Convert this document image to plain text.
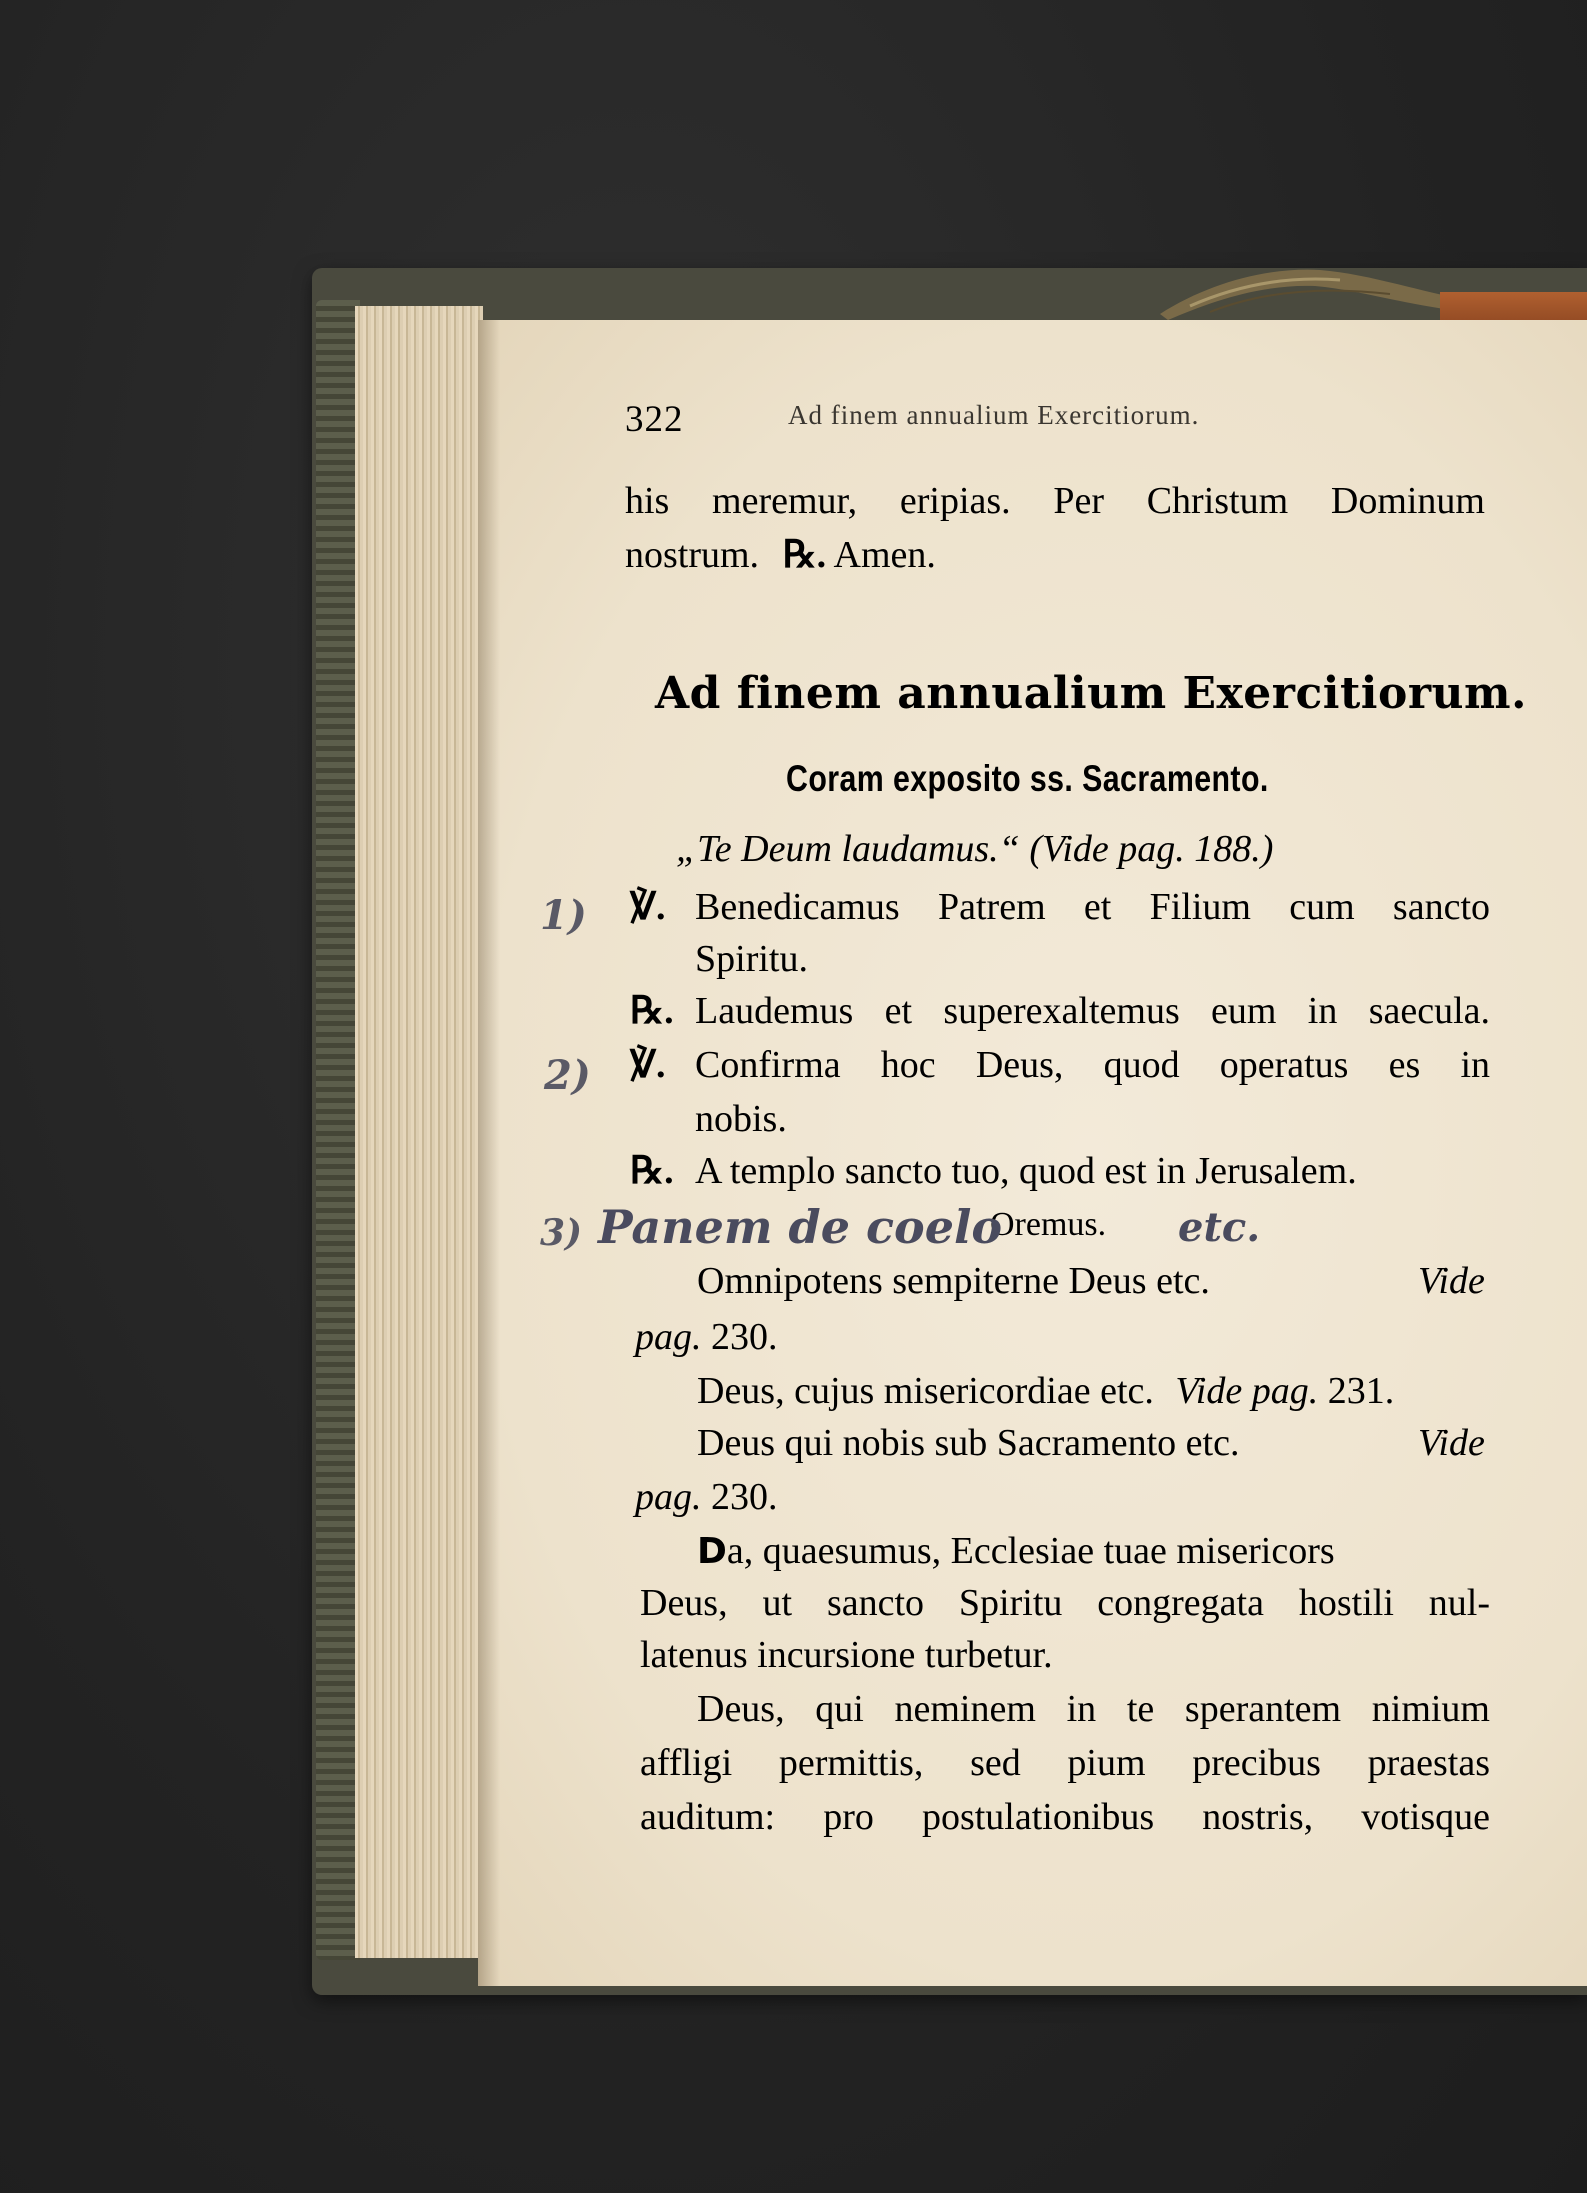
322	Ad finem annualium Exercitiorum.
his meremur, eripias. Per Christum Dominum
nostrum. ℞. Amen.
Ad finem annualium Exercitiorum.
Coram exposito ss. Sacramento.
„Te Deum laudamus.“ (Vide pag. 188.)
℣. Benedicamus Patrem et Filium cum sancto
Spiritu.
℞. Laudemus et superexaltemus eum in saecula.
℣. Confirma hoc Deus, quod operatus es in
nobis.
℞. A templo sancto tuo, quod est in Jerusalem.
Oremus.
Omnipotens sempiterne Deus etc.	Vide
pag. 230.
Deus, cujus misericordiae etc. Vide pag. 231.
Deus qui nobis sub Sacramento etc.	Vide
pag. 230.
Da, quaesumus, Ecclesiae tuae misericors
Deus, ut sancto Spiritu congregata hostili nul-
latenus incursione turbetur.
Deus, qui neminem in te sperantem nimium
affligi permittis, sed pium precibus praestas
auditum: pro postulationibus nostris, votisque
1)
2)
3) Panem de coelo	etc.
